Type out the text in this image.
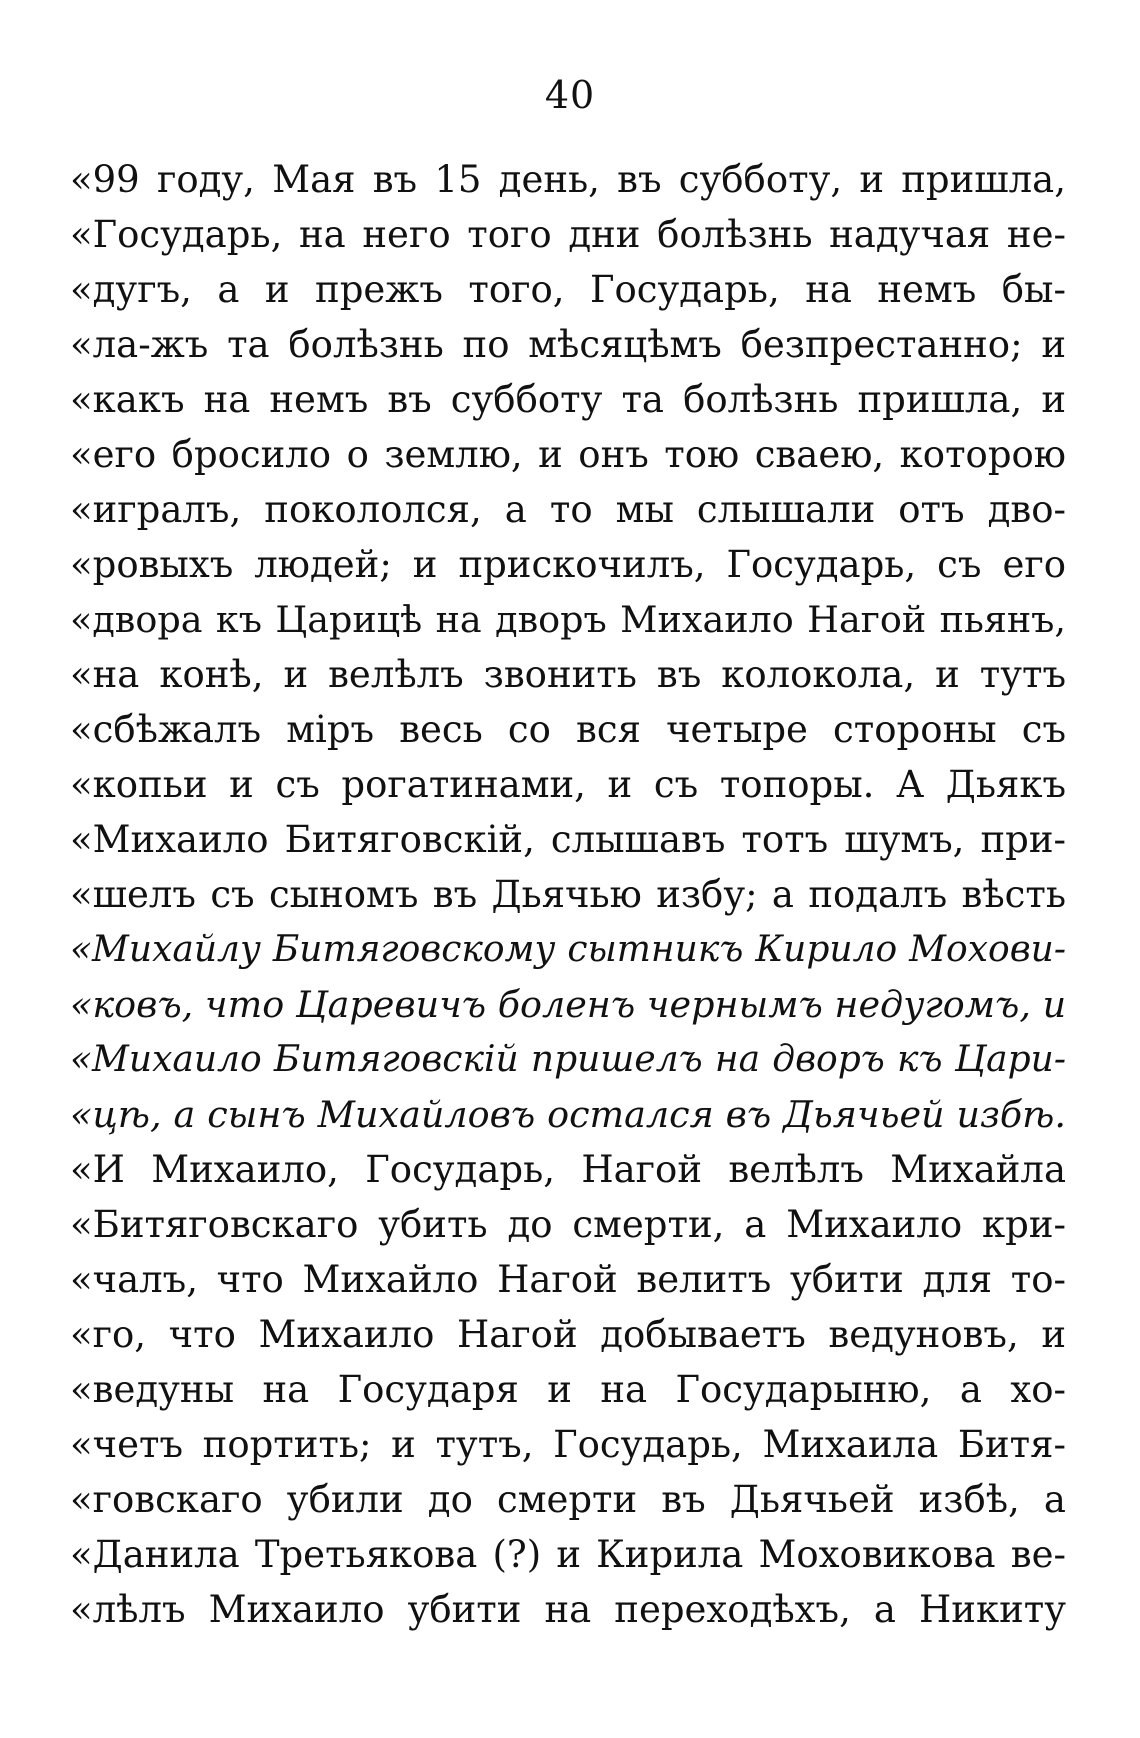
40
«99 году, Мая въ 15 день, въ субботу, и пришла,
«Государь, на него того дни болѣзнь надучая не-
«дугъ, а и прежъ того, Государь, на немъ бы-
«ла-жъ та болѣзнь по мѣсяцѣмъ безпрестанно; и
«какъ на немъ въ субботу та болѣзнь пришла, и
«его бросило о землю, и онъ тою сваею, которою
«игралъ, покололся, а то мы слышали отъ дво-
«ровыхъ людей; и прискочилъ, Государь, съ его
«двора къ Царицѣ на дворъ Михаило Нагой пьянъ,
«на конѣ, и велѣлъ звонить въ колокола, и тутъ
«сбѣжалъ міръ весь со вся четыре стороны съ
«копьи и съ рогатинами, и съ топоры. А Дьякъ
«Михаило Битяговскій, слышавъ тотъ шумъ, при-
«шелъ съ сыномъ въ Дьячью избу; а подалъ вѣсть
«Михайлу Битяговскому сытникъ Кирило Мохови-
«ковъ, что Царевичъ боленъ чернымъ недугомъ, и
«Михаило Битяговскій пришелъ на дворъ къ Цари-
«цѣ, а сынъ Михайловъ остался въ Дьячьей избѣ.
«И Михаило, Государь, Нагой велѣлъ Михайла
«Битяговскаго убить до смерти, а Михаило кри-
«чалъ, что Михайло Нагой велитъ убити для то-
«го, что Михаило Нагой добываетъ ведуновъ, и
«ведуны на Государя и на Государыню, а хо-
«четъ портить; и тутъ, Государь, Михаила Битя-
«говскаго убили до смерти въ Дьячьей избѣ, а
«Данила Третьякова (?) и Кирила Моховикова ве-
«лѣлъ Михаило убити на переходѣхъ, а Никиту
